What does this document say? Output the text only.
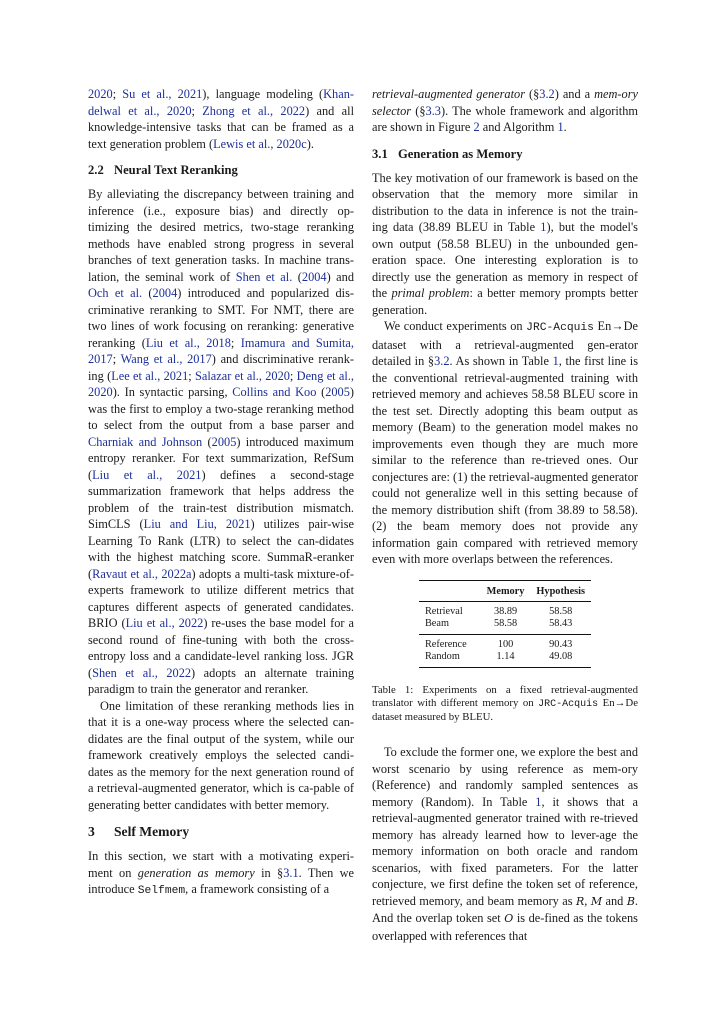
2020; Su et al., 2021), language modeling (Khan-delwal et al., 2020; Zhong et al., 2022) and all knowledge-intensive tasks that can be framed as a text generation problem (Lewis et al., 2020c).

2.2 Neural Text Reranking

By alleviating the discrepancy between training and inference (i.e., exposure bias) and directly op-timizing the desired metrics, two-stage reranking methods have enabled strong progress in several branches of text generation tasks. In machine trans-lation, the seminal work of Shen et al. (2004) and Och et al. (2004) introduced and popularized dis-criminative reranking to SMT. For NMT, there are two lines of work focusing on reranking: generative reranking (Liu et al., 2018; Imamura and Sumita, 2017; Wang et al., 2017) and discriminative rerank-ing (Lee et al., 2021; Salazar et al., 2020; Deng et al., 2020). In syntactic parsing, Collins and Koo (2005) was the first to employ a two-stage reranking method to select from the output from a base parser and Charniak and Johnson (2005) introduced maximum entropy reranker. For text summarization, RefSum (Liu et al., 2021) defines a second-stage summarization framework that helps address the problem of the train-test distribution mismatch. SimCLS (Liu and Liu, 2021) utilizes pair-wise Learning To Rank (LTR) to select the can-didates with the highest matching score. SummaR-eranker (Ravaut et al., 2022a) adopts a multi-task mixture-of-experts framework to utilize different metrics that captures different aspects of generated candidates. BRIO (Liu et al., 2022) re-uses the base model for a second round of fine-tuning with both the cross-entropy loss and a candidate-level ranking loss. JGR (Shen et al., 2022) adopts an alternate training paradigm to train the generator and reranker.

One limitation of these reranking methods lies in that it is a one-way process where the selected can-didates are the final output of the system, while our framework creatively employs the selected candi-dates as the memory for the next generation round of a retrieval-augmented generator, which is ca-pable of generating better candidates with better memory.

3 Self Memory

In this section, we start with a motivating experi-ment on generation as memory in §3.1. Then we introduce Selfmem, a framework consisting of a

retrieval-augmented generator (§3.2) and a mem-ory selector (§3.3). The whole framework and algorithm are shown in Figure 2 and Algorithm 1.

3.1 Generation as Memory

The key motivation of our framework is based on the observation that the memory more similar in distribution to the data in inference is not the train-ing data (38.89 BLEU in Table 1), but the model's own output (58.58 BLEU) in the unbounded gen-eration space. One interesting exploration is to directly use the generation as memory in respect of the primal problem: a better memory prompts better generation.

We conduct experiments on JRC-Acquis En→De dataset with a retrieval-augmented gen-erator detailed in §3.2. As shown in Table 1, the first line is the conventional retrieval-augmented training with retrieved memory and achieves 58.58 BLEU score in the test set. Directly adopting this beam output as memory (Beam) to the generation model makes no improvements even though they are much more similar to the reference than re-trieved ones. Our conjectures are: (1) the retrieval-augmented generator could not generalize well in this setting because of the memory distribution shift (from 38.89 to 58.58). (2) the beam memory does not provide any information gain compared with retrieved memory even with more overlaps between the references.

	Memory	Hypothesis
Retrieval	38.89	58.58
Beam	58.58	58.43
Reference	100	90.43
Random	1.14	49.08

Table 1: Experiments on a fixed retrieval-augmented translator with different memory on JRC-Acquis En→De dataset measured by BLEU.

To exclude the former one, we explore the best and worst scenario by using reference as mem-ory (Reference) and randomly sampled sentences as memory (Random). In Table 1, it shows that a retrieval-augmented generator trained with re-trieved memory has already learned how to lever-age the memory information on both oracle and random scenarios, with fixed parameters. For the latter conjecture, we first define the token set of reference, retrieved memory, and beam memory as R, M and B. And the overlap token set O is de-fined as the tokens overlapped with references that
